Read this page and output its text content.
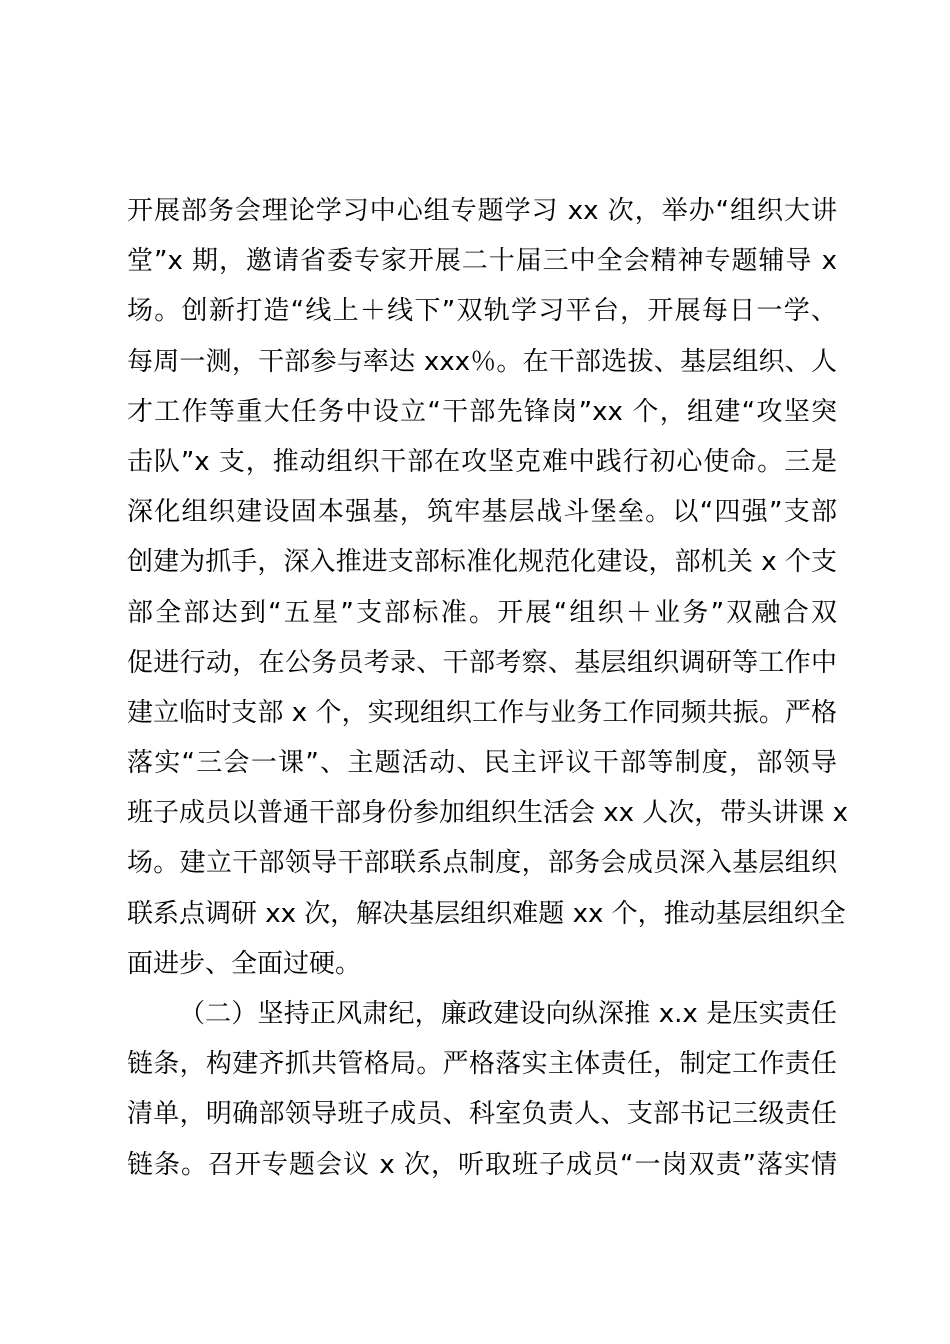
开展部务会理论学习中心组专题学习 xx 次，举办“组织大讲
堂”x 期，邀请省委专家开展二十届三中全会精神专题辅导 x
场。创新打造“线上＋线下”双轨学习平台，开展每日一学、
每周一测，干部参与率达 xxx％。在干部选拔、基层组织、人
才工作等重大任务中设立“干部先锋岗”xx 个，组建“攻坚突
击队”x 支，推动组织干部在攻坚克难中践行初心使命。三是
深化组织建设固本强基，筑牢基层战斗堡垒。以“四强”支部
创建为抓手，深入推进支部标准化规范化建设，部机关 x 个支
部全部达到“五星”支部标准。开展“组织＋业务”双融合双
促进行动，在公务员考录、干部考察、基层组织调研等工作中
建立临时支部 x 个，实现组织工作与业务工作同频共振。严格
落实“三会一课”、主题活动、民主评议干部等制度，部领导
班子成员以普通干部身份参加组织生活会 xx 人次，带头讲课 x
场。建立干部领导干部联系点制度，部务会成员深入基层组织
联系点调研 xx 次，解决基层组织难题 xx 个，推动基层组织全
面进步、全面过硬。
（二）坚持正风肃纪，廉政建设向纵深推 x.x 是压实责任
链条，构建齐抓共管格局。严格落实主体责任，制定工作责任
清单，明确部领导班子成员、科室负责人、支部书记三级责任
链条。召开专题会议 x 次，听取班子成员“一岗双责”落实情
